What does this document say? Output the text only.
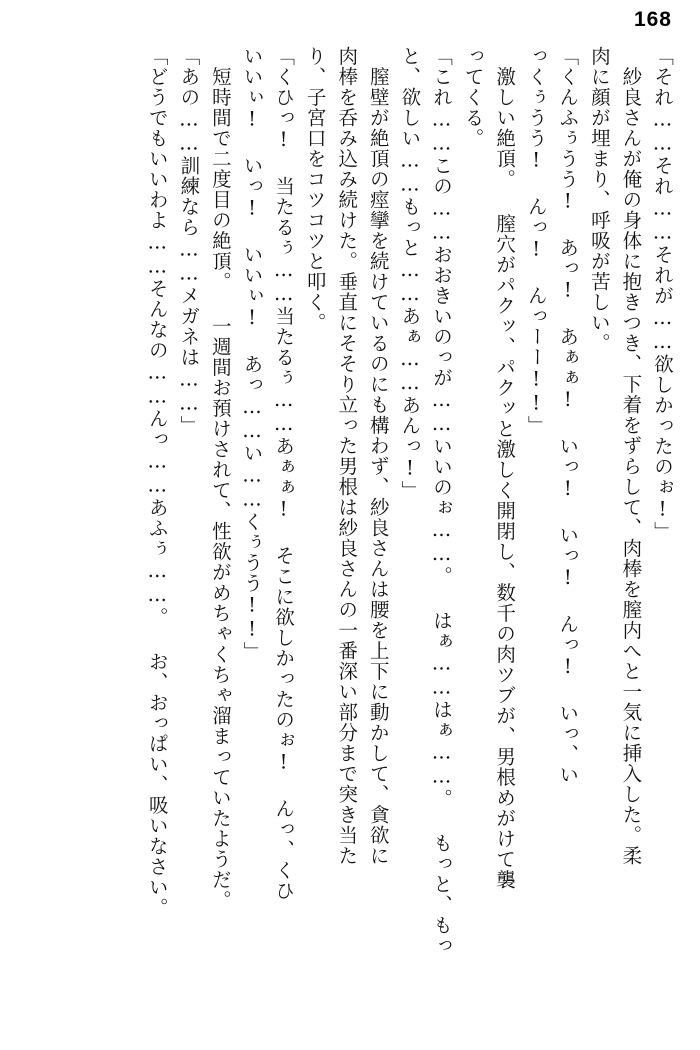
168
「それ……それ……それが……欲しかったのぉ!」
　紗良さんが俺の身体に抱きつき、下着をずらして、肉棒を膣内へと一気に挿入した。柔
肉に顔が埋まり、呼吸が苦しい。
「くんふぅうう! あっ! あぁぁ! いっ! いっ! んっ! いっ、い
っくぅうう! んっ! んっーー!!」
　激しい絶頂。 膣穴がパクッ、パクッと激しく開閉し、数千の肉ツブが、男根めがけて襲
ってくる。
「これ……この……おおきいのっが……いいのぉ……。 はぁ……はぁ……。 もっと、もっ
と、欲しい……もっと……あぁ……あんっ!」
　膣壁が絶頂の痙攣を続けているのにも構わず、紗良さんは腰を上下に動かして、貪欲に
肉棒を呑み込み続けた。垂直にそそり立った男根は紗良さんの一番深い部分まで突き当た
り、子宮口をコツコツと叩く。
「くひっ! 当たるぅ……当たるぅ……あぁぁ! そこに欲しかったのぉ! んっ、くひ
いいぃ! いっ! いいぃ! あっ……い……くぅうう!!」
　短時間で二度目の絶頂。 一週間お預けされて、性欲がめちゃくちゃ溜まっていたようだ。
「あの……訓練なら……メガネは……」
「どうでもいいわよ……そんなの……んっ……あふぅ……。 お、おっぱい、吸いなさい。
